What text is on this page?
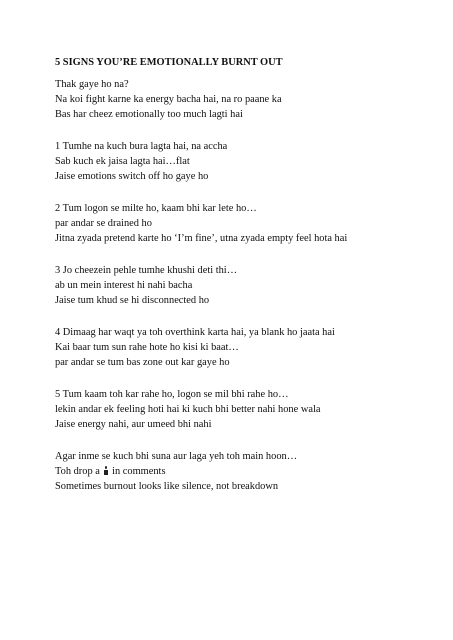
5 SIGNS YOU’RE EMOTIONALLY BURNT OUT
Thak gaye ho na?
Na koi fight karne ka energy bacha hai, na ro paane ka
Bas har cheez emotionally too much lagti hai
1 Tumhe na kuch bura lagta hai, na accha
Sab kuch ek jaisa lagta hai…flat
Jaise emotions switch off ho gaye ho
2 Tum logon se milte ho, kaam bhi kar lete ho…
par andar se drained ho
Jitna zyada pretend karte ho ‘I’m fine’, utna zyada empty feel hota hai
3 Jo cheezein pehle tumhe khushi deti thi…
ab un mein interest hi nahi bacha
Jaise tum khud se hi disconnected ho
4 Dimaag har waqt ya toh overthink karta hai, ya blank ho jaata hai
Kai baar tum sun rahe hote ho kisi ki baat…
par andar se tum bas zone out kar gaye ho
5 Tum kaam toh kar rahe ho, logon se mil bhi rahe ho…
lekin andar ek feeling hoti hai ki kuch bhi better nahi hone wala
Jaise energy nahi, aur umeed bhi nahi
Agar inme se kuch bhi suna aur laga yeh toh main hoon…
Toh drop a in comments
Sometimes burnout looks like silence, not breakdown
